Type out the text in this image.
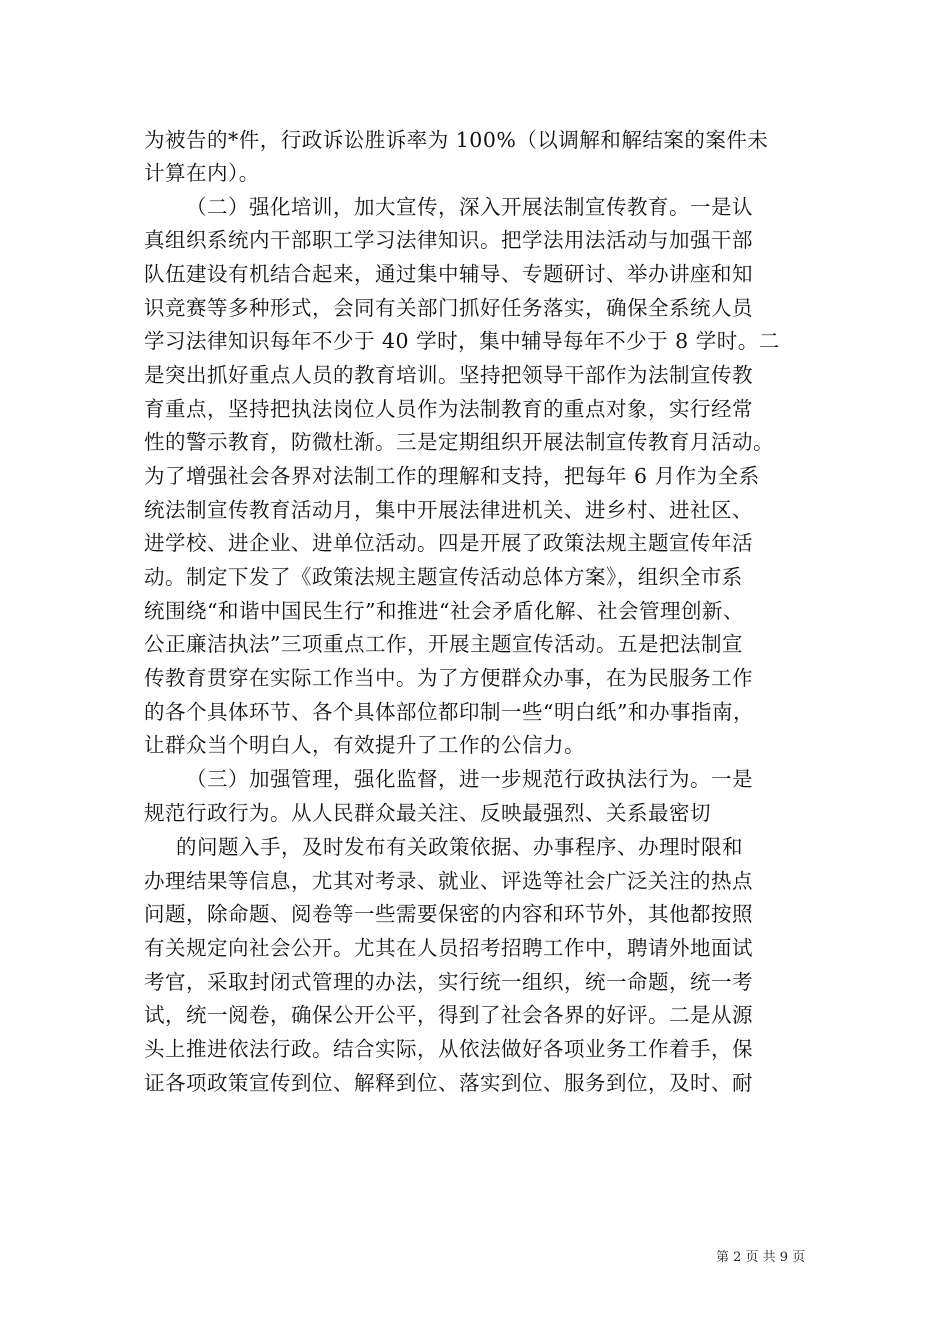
为被告的*件，行政诉讼胜诉率为 100%（以调解和解结案的案件未
计算在内）。
（二）强化培训，加大宣传，深入开展法制宣传教育。一是认
真组织系统内干部职工学习法律知识。把学法用法活动与加强干部
队伍建设有机结合起来，通过集中辅导、专题研讨、举办讲座和知
识竞赛等多种形式，会同有关部门抓好任务落实，确保全系统人员
学习法律知识每年不少于 40 学时，集中辅导每年不少于 8 学时。二
是突出抓好重点人员的教育培训。坚持把领导干部作为法制宣传教
育重点，坚持把执法岗位人员作为法制教育的重点对象，实行经常
性的警示教育，防微杜渐。三是定期组织开展法制宣传教育月活动。
为了增强社会各界对法制工作的理解和支持，把每年 6 月作为全系
统法制宣传教育活动月，集中开展法律进机关、进乡村、进社区、
进学校、进企业、进单位活动。四是开展了政策法规主题宣传年活
动。制定下发了《政策法规主题宣传活动总体方案》，组织全市系
统围绕“和谐中国民生行”和推进“社会矛盾化解、社会管理创新、
公正廉洁执法”三项重点工作，开展主题宣传活动。五是把法制宣
传教育贯穿在实际工作当中。为了方便群众办事，在为民服务工作
的各个具体环节、各个具体部位都印制一些“明白纸”和办事指南，
让群众当个明白人，有效提升了工作的公信力。
（三）加强管理，强化监督，进一步规范行政执法行为。一是
规范行政行为。从人民群众最关注、反映最强烈、关系最密切
的问题入手，及时发布有关政策依据、办事程序、办理时限和
办理结果等信息，尤其对考录、就业、评选等社会广泛关注的热点
问题，除命题、阅卷等一些需要保密的内容和环节外，其他都按照
有关规定向社会公开。尤其在人员招考招聘工作中，聘请外地面试
考官，采取封闭式管理的办法，实行统一组织，统一命题，统一考
试，统一阅卷，确保公开公平，得到了社会各界的好评。二是从源
头上推进依法行政。结合实际，从依法做好各项业务工作着手，保
证各项政策宣传到位、解释到位、落实到位、服务到位，及时、耐
第 2 页 共 9 页
